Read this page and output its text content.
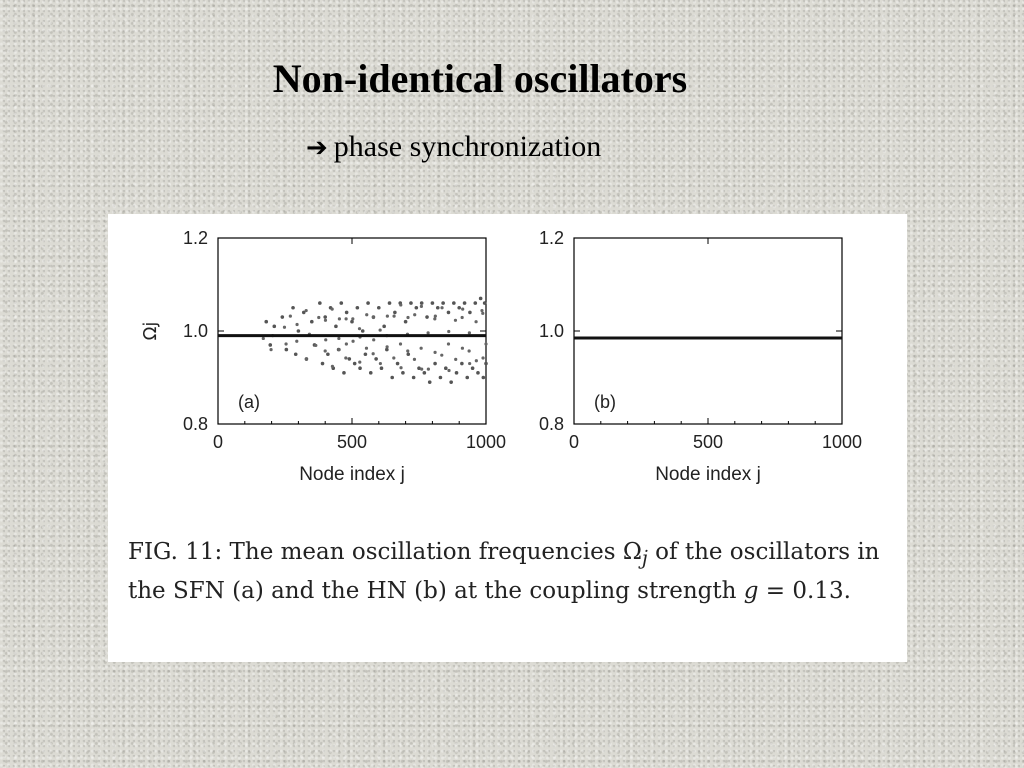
Non-identical oscillators
➔ phase synchronization
0	500	1000
0.8
1.0
1.2
Node index j
Ωj
(a)
0	500	1000
0.8
1.0
1.2
Node index j
(b)
FIG. 11: The mean oscillation frequencies $\Omega_j$ of the oscillators in the SFN (a) and the HN (b) at the coupling strength g = 0.13.
